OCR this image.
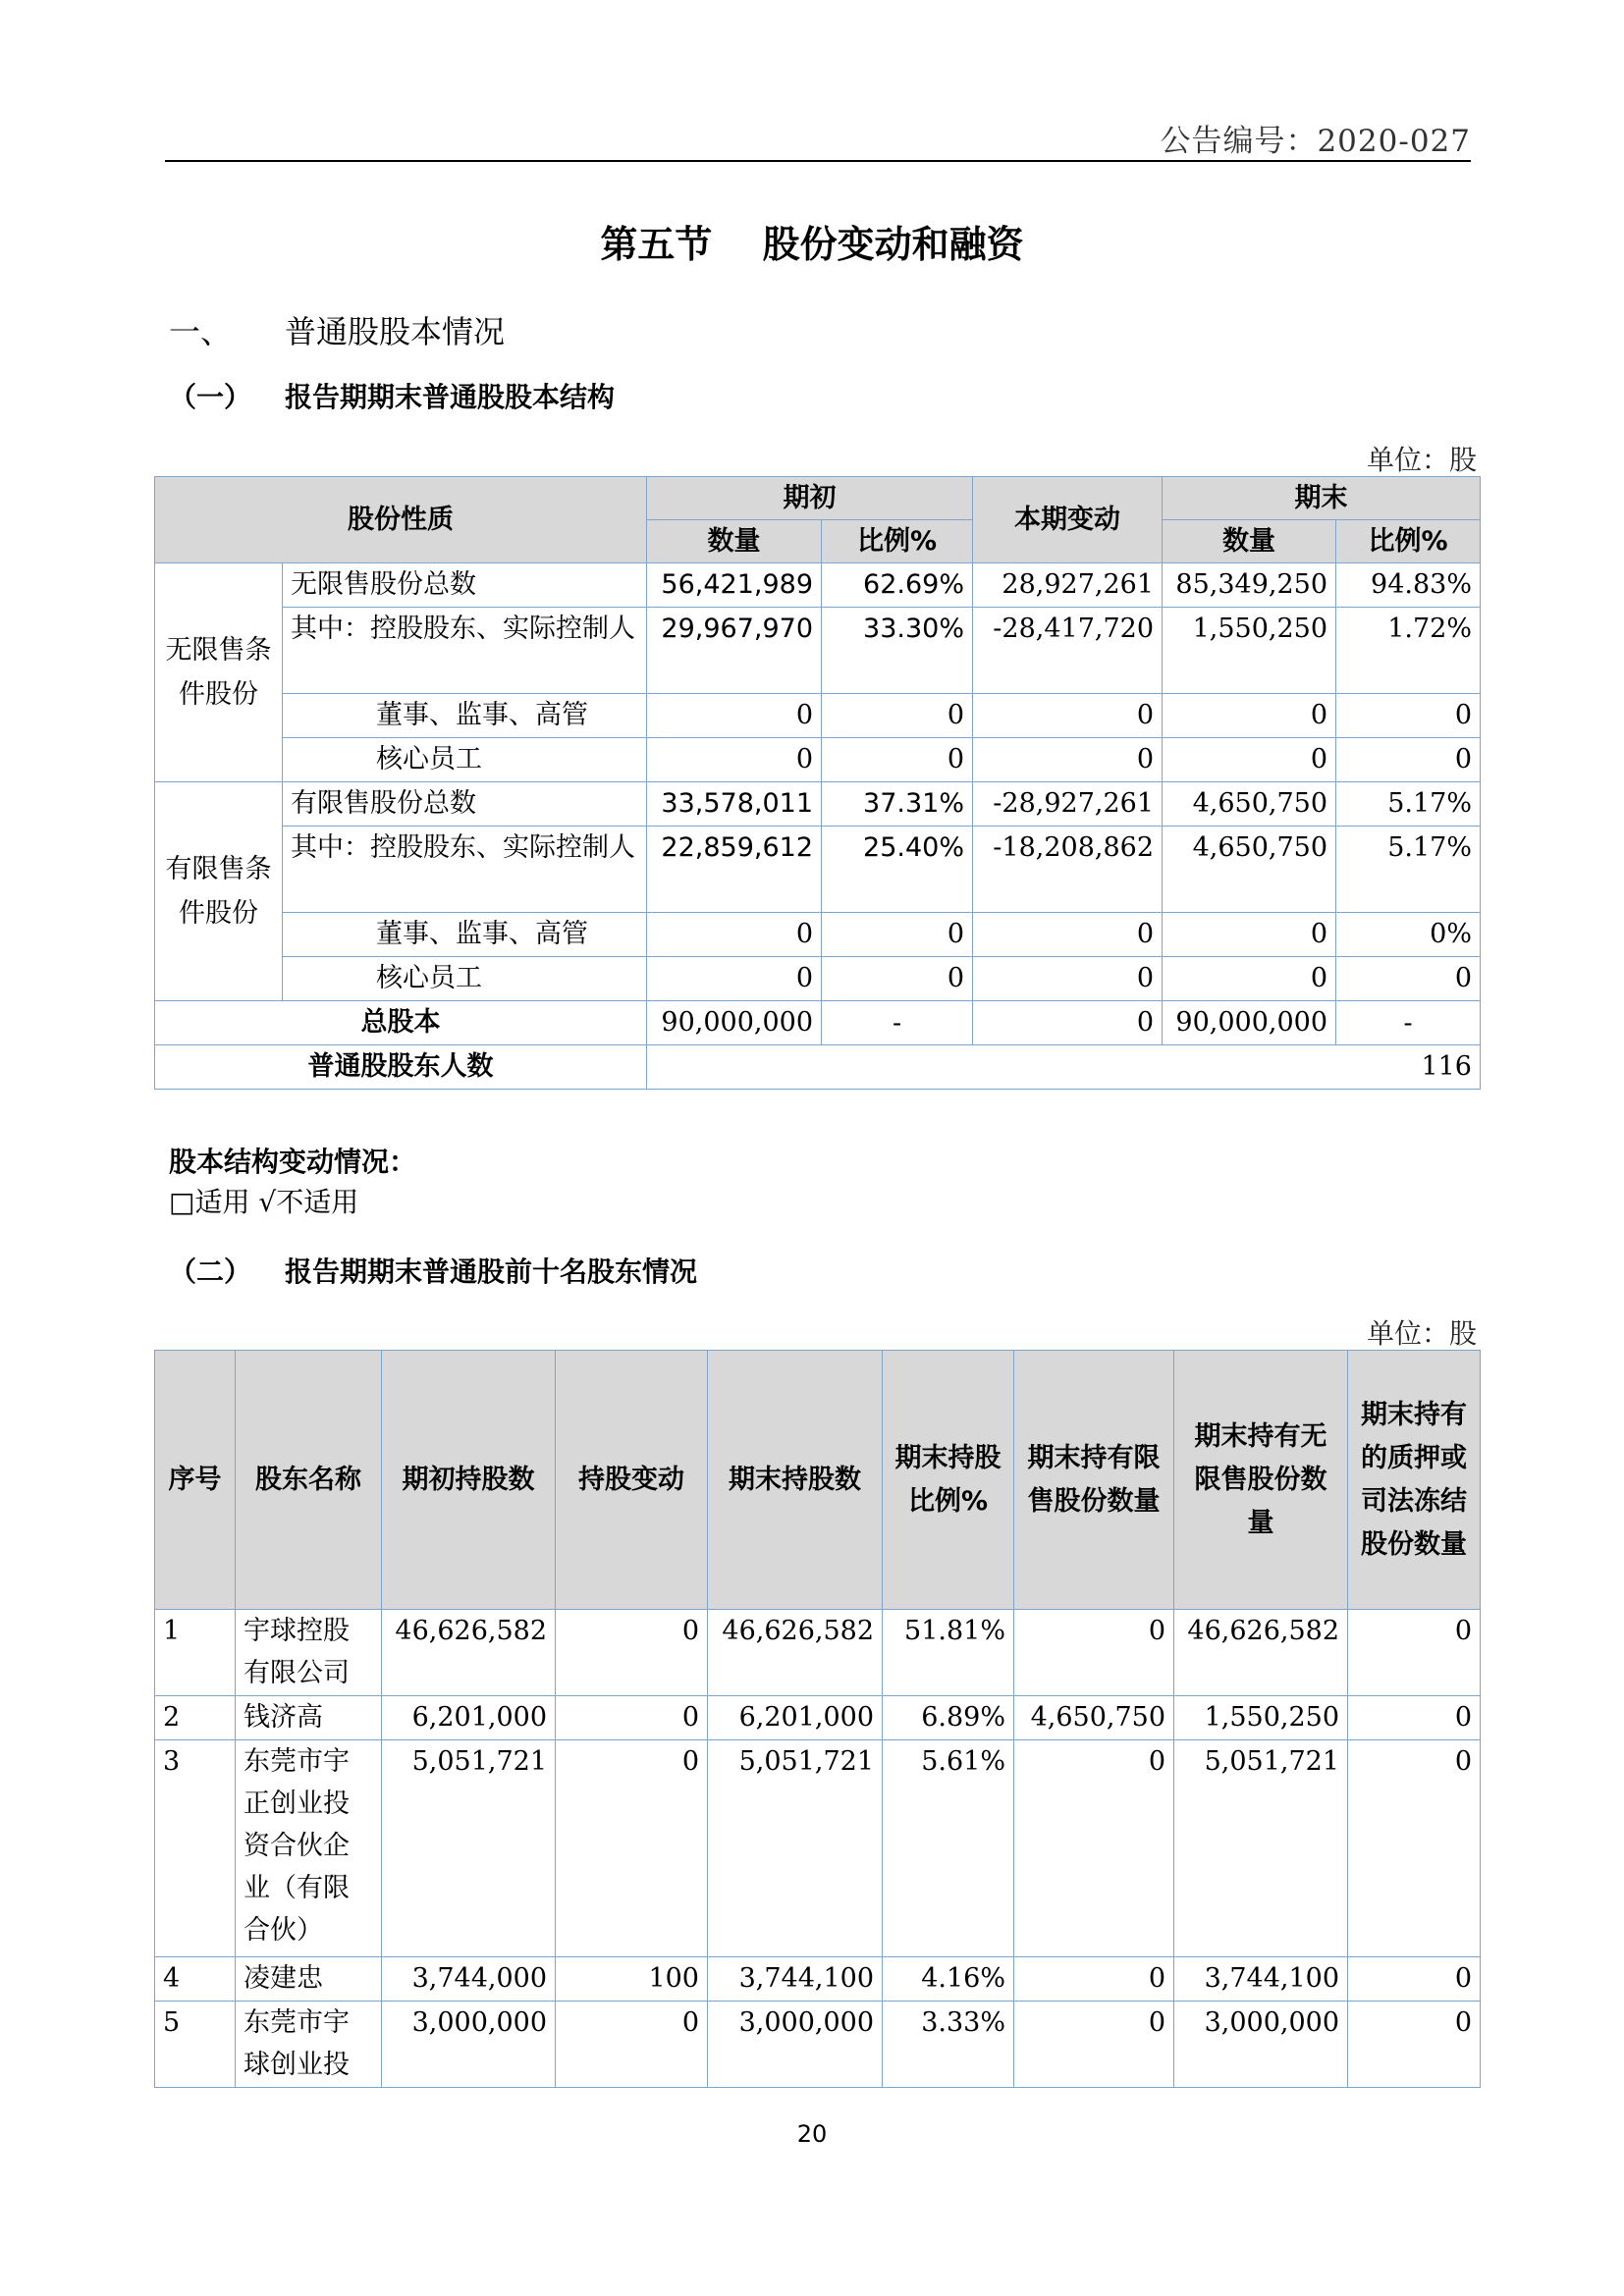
公告编号：2020-027
第五节 股份变动和融资
一、 普通股股本情况
（一） 报告期期末普通股股本结构
单位：股
股份性质		期初		本期变动	期末	
		数量	比例%		数量	比例%
无限售条件股份	无限售股份总数	56,421,989	62.69%	28,927,261	85,349,250	94.83%
	其中：控股股东、实际控制人	29,967,970	33.30%	-28,417,720	1,550,250	1.72%
	董事、监事、高管	0	0	0	0	0
	核心员工	0	0	0	0	0
有限售条件股份	有限售股份总数	33,578,011	37.31%	-28,927,261	4,650,750	5.17%
	其中：控股股东、实际控制人	22,859,612	25.40%	-18,208,862	4,650,750	5.17%
	董事、监事、高管	0	0	0	0	0%
	核心员工	0	0	0	0	0
总股本		90,000,000	-	0	90,000,000	-
普通股股东人数		116				
股本结构变动情况：
□适用 √不适用
（二） 报告期期末普通股前十名股东情况
单位：股
序号	股东名称	期初持股数	持股变动	期末持股数	期末持股比例%	期末持有限售股份数量	期末持有无限售股份数量	期末持有的质押或司法冻结股份数量
1	宇球控股有限公司	46,626,582	0	46,626,582	51.81%	0	46,626,582	0
2	钱济高	6,201,000	0	6,201,000	6.89%	4,650,750	1,550,250	0
3	东莞市宇正创业投资合伙企业（有限合伙）	5,051,721	0	5,051,721	5.61%	0	5,051,721	0
4	凌建忠	3,744,000	100	3,744,100	4.16%	0	3,744,100	0
5	东莞市宇球创业投	3,000,000	0	3,000,000	3.33%	0	3,000,000	0
20
